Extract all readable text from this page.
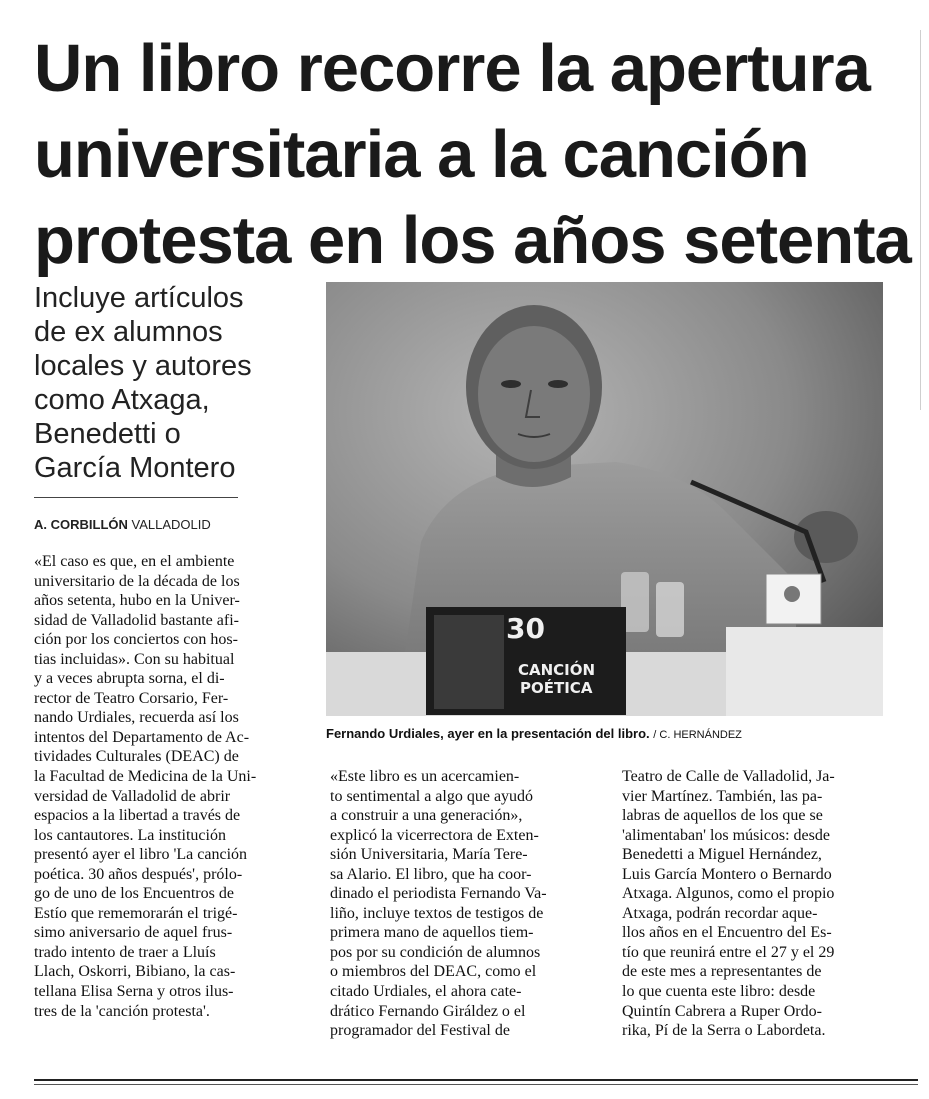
Un libro recorre la apertura
universitaria a la canción
protesta en los años setenta
Incluye artículos
de ex alumnos
locales y autores
como Atxaga,
Benedetti o
García Montero
A. CORBILLÓN VALLADOLID
«El caso es que, en el ambiente
universitario de la década de los
años setenta, hubo en la Univer-
sidad de Valladolid bastante afi-
ción por los conciertos con hos-
tias incluidas». Con su habitual
y a veces abrupta sorna, el di-
rector de Teatro Corsario, Fer-
nando Urdiales, recuerda así los
intentos del Departamento de Ac-
tividades Culturales (DEAC) de
la Facultad de Medicina de la Uni-
versidad de Valladolid de abrir
espacios a la libertad a través de
los cantautores. La institución
presentó ayer el libro 'La canción
poética. 30 años después', prólo-
go de uno de los Encuentros de
Estío que rememorarán el trigé-
simo aniversario de aquel frus-
trado intento de traer a Lluís
Llach, Oskorri, Bibiano, la cas-
tellana Elisa Serna y otros ilus-
tres de la 'canción protesta'.
30
CANCIÓN
POÉTICA
Fernando Urdiales, ayer en la presentación del libro. / C. HERNÁNDEZ
«Este libro es un acercamien-
to sentimental a algo que ayudó
a construir a una generación»,
explicó la vicerrectora de Exten-
sión Universitaria, María Tere-
sa Alario. El libro, que ha coor-
dinado el periodista Fernando Va-
liño, incluye textos de testigos de
primera mano de aquellos tiem-
pos por su condición de alumnos
o miembros del DEAC, como el
citado Urdiales, el ahora cate-
drático Fernando Giráldez o el
programador del Festival de
Teatro de Calle de Valladolid, Ja-
vier Martínez. También, las pa-
labras de aquellos de los que se
'alimentaban' los músicos: desde
Benedetti a Miguel Hernández,
Luis García Montero o Bernardo
Atxaga. Algunos, como el propio
Atxaga, podrán recordar aque-
llos años en el Encuentro del Es-
tío que reunirá entre el 27 y el 29
de este mes a representantes de
lo que cuenta este libro: desde
Quintín Cabrera a Ruper Ordo-
rika, Pí de la Serra o Labordeta.
